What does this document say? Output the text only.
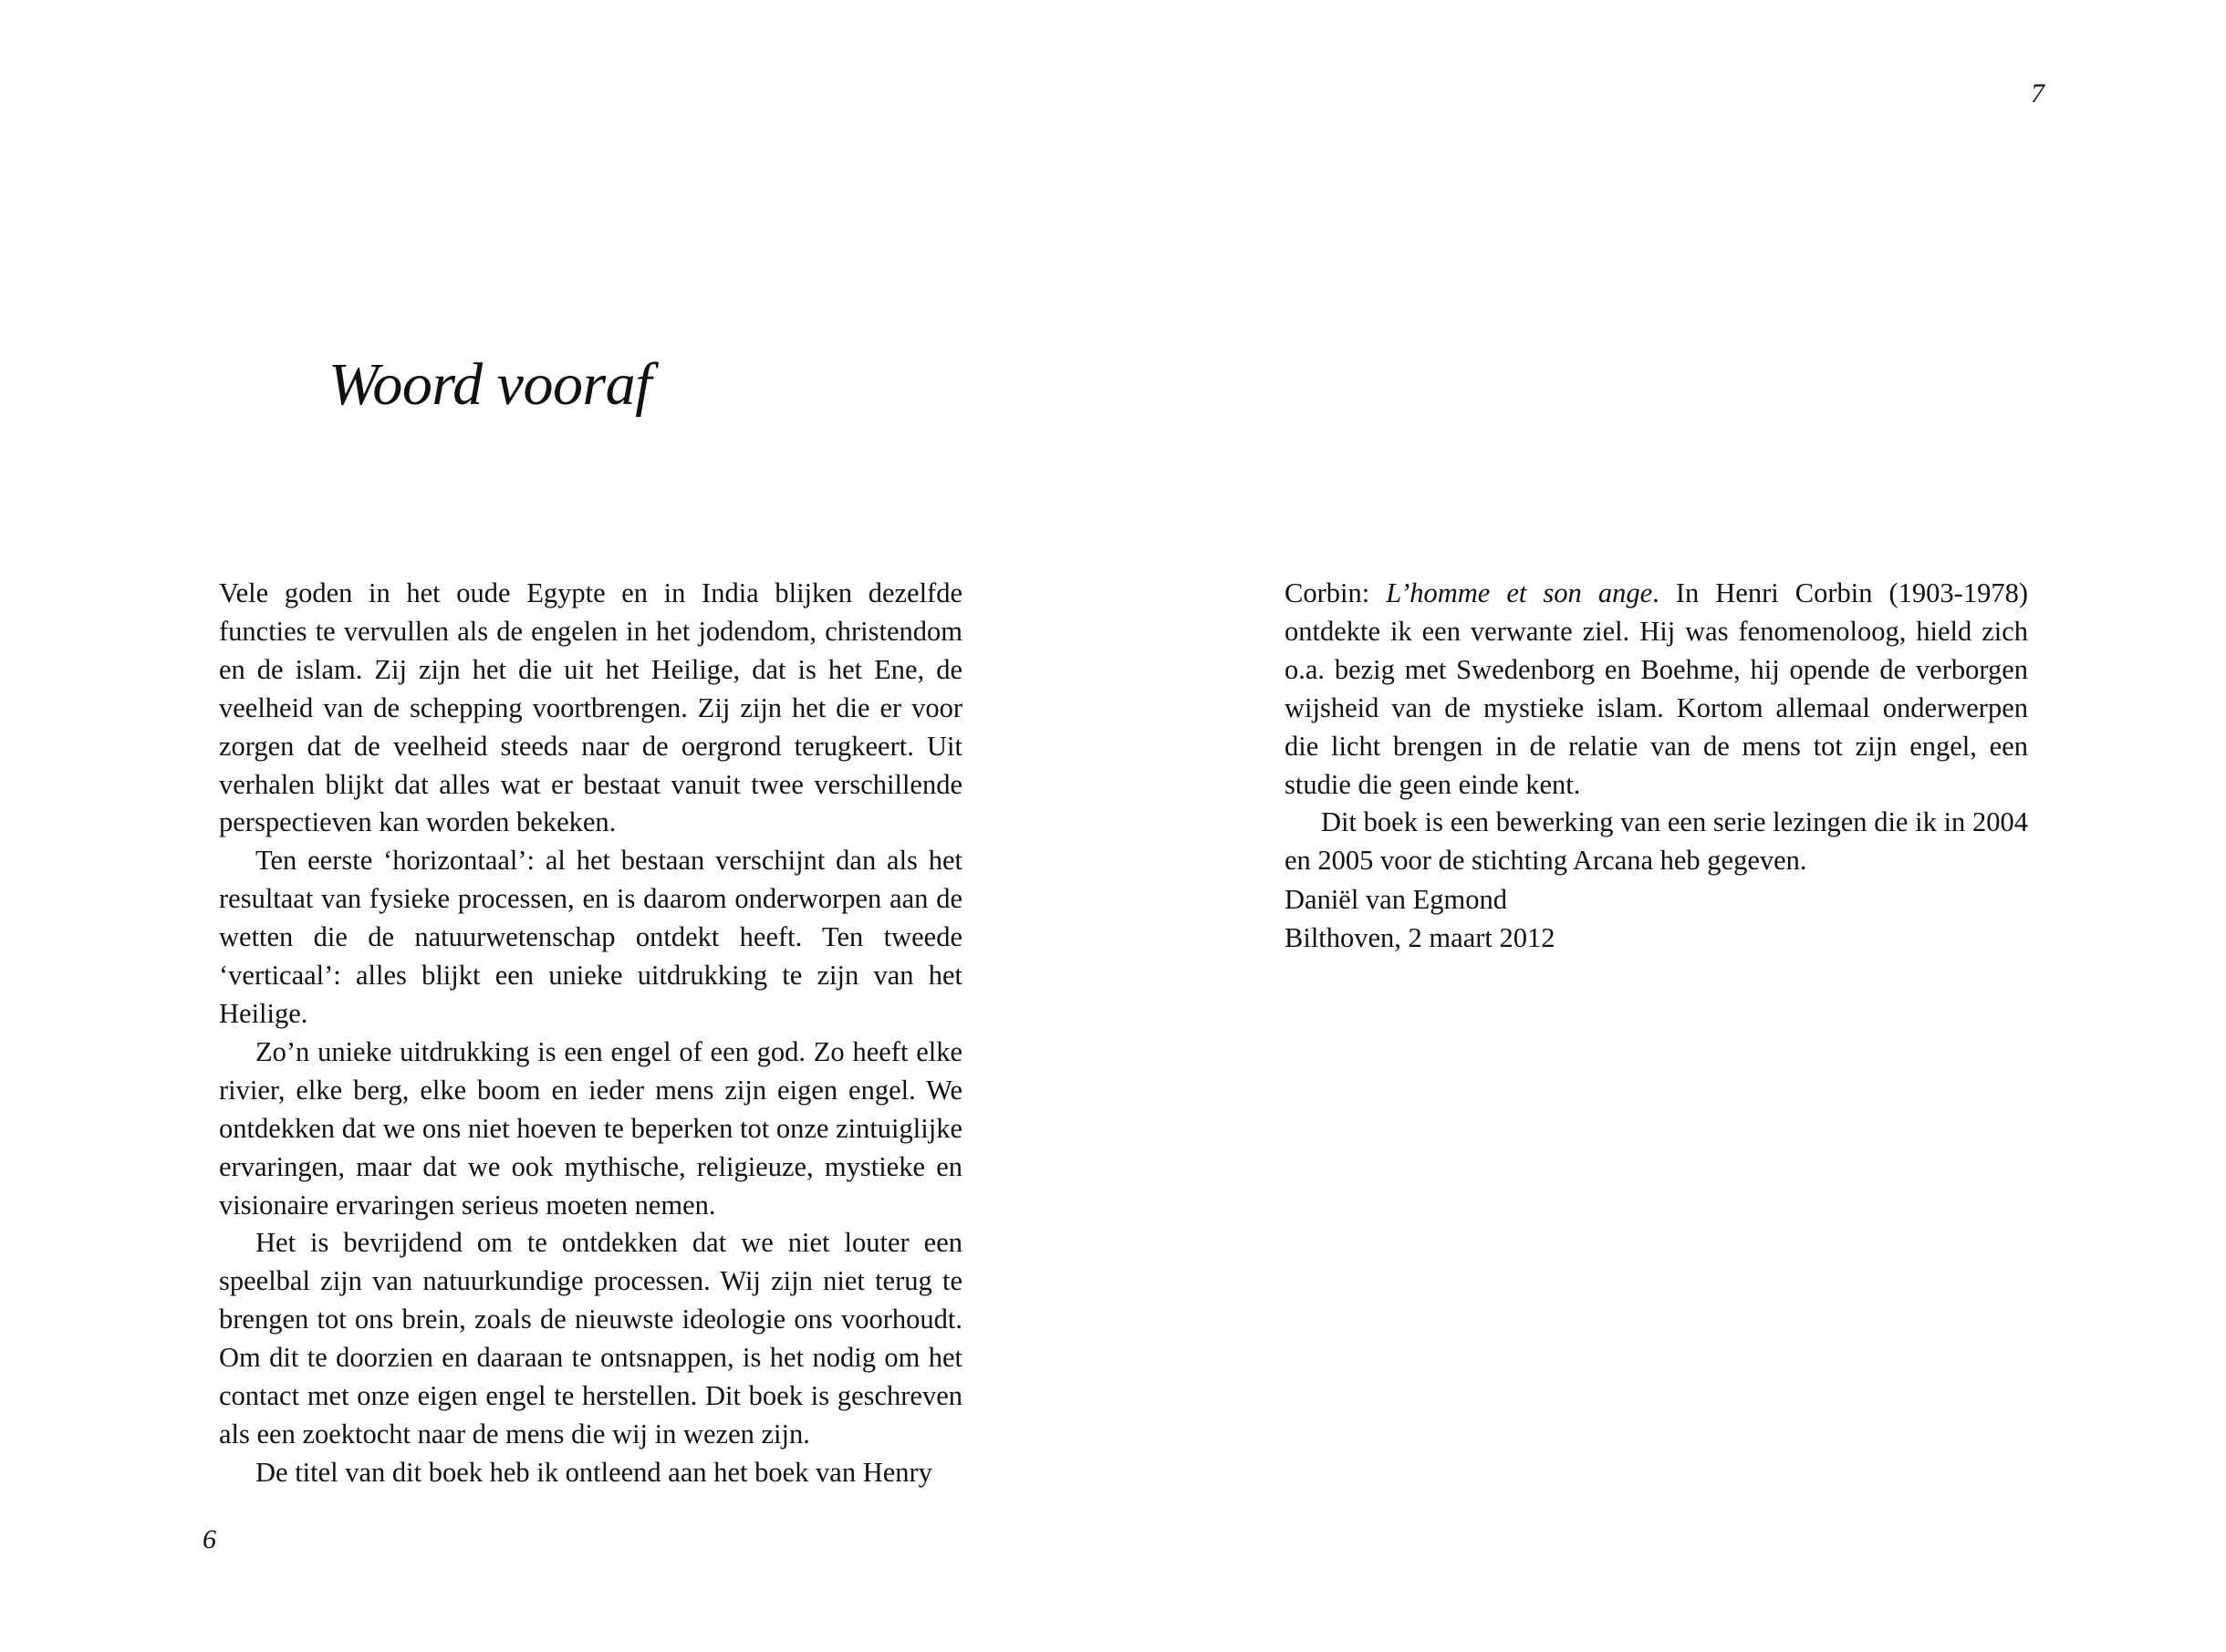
Woord vooraf

Vele goden in het oude Egypte en in India blijken dezelfde functies te vervullen als de engelen in het jodendom, christendom en de islam. Zij zijn het die uit het Heilige, dat is het Ene, de veelheid van de schepping voortbrengen. Zij zijn het die er voor zorgen dat de veelheid steeds naar de oergrond terugkeert. Uit verhalen blijkt dat alles wat er bestaat vanuit twee verschillende perspectieven kan worden bekeken.

Ten eerste ‘horizontaal’: al het bestaan verschijnt dan als het resultaat van fysieke processen, en is daarom onderworpen aan de wetten die de natuurwetenschap ontdekt heeft. Ten tweede ‘verticaal’: alles blijkt een unieke uitdrukking te zijn van het Heilige.

Zo’n unieke uitdrukking is een engel of een god. Zo heeft elke rivier, elke berg, elke boom en ieder mens zijn eigen engel. We ontdekken dat we ons niet hoeven te beperken tot onze zintuiglijke ervaringen, maar dat we ook mythische, religieuze, mystieke en visionaire ervaringen serieus moeten nemen.

Het is bevrijdend om te ontdekken dat we niet louter een speelbal zijn van natuurkundige processen. Wij zijn niet terug te brengen tot ons brein, zoals de nieuwste ideologie ons voorhoudt. Om dit te doorzien en daaraan te ontsnappen, is het nodig om het contact met onze eigen engel te herstellen. Dit boek is geschreven als een zoektocht naar de mens die wij in wezen zijn.

De titel van dit boek heb ik ontleend aan het boek van Henry

6
7

Corbin: L’homme et son ange. In Henri Corbin (1903-1978) ontdekte ik een verwante ziel. Hij was fenomenoloog, hield zich o.a. bezig met Swedenborg en Boehme, hij opende de verborgen wijsheid van de mystieke islam. Kortom allemaal onderwerpen die licht brengen in de relatie van de mens tot zijn engel, een studie die geen einde kent.

Dit boek is een bewerking van een serie lezingen die ik in 2004 en 2005 voor de stichting Arcana heb gegeven.

Daniël van Egmond
Bilthoven, 2 maart 2012
